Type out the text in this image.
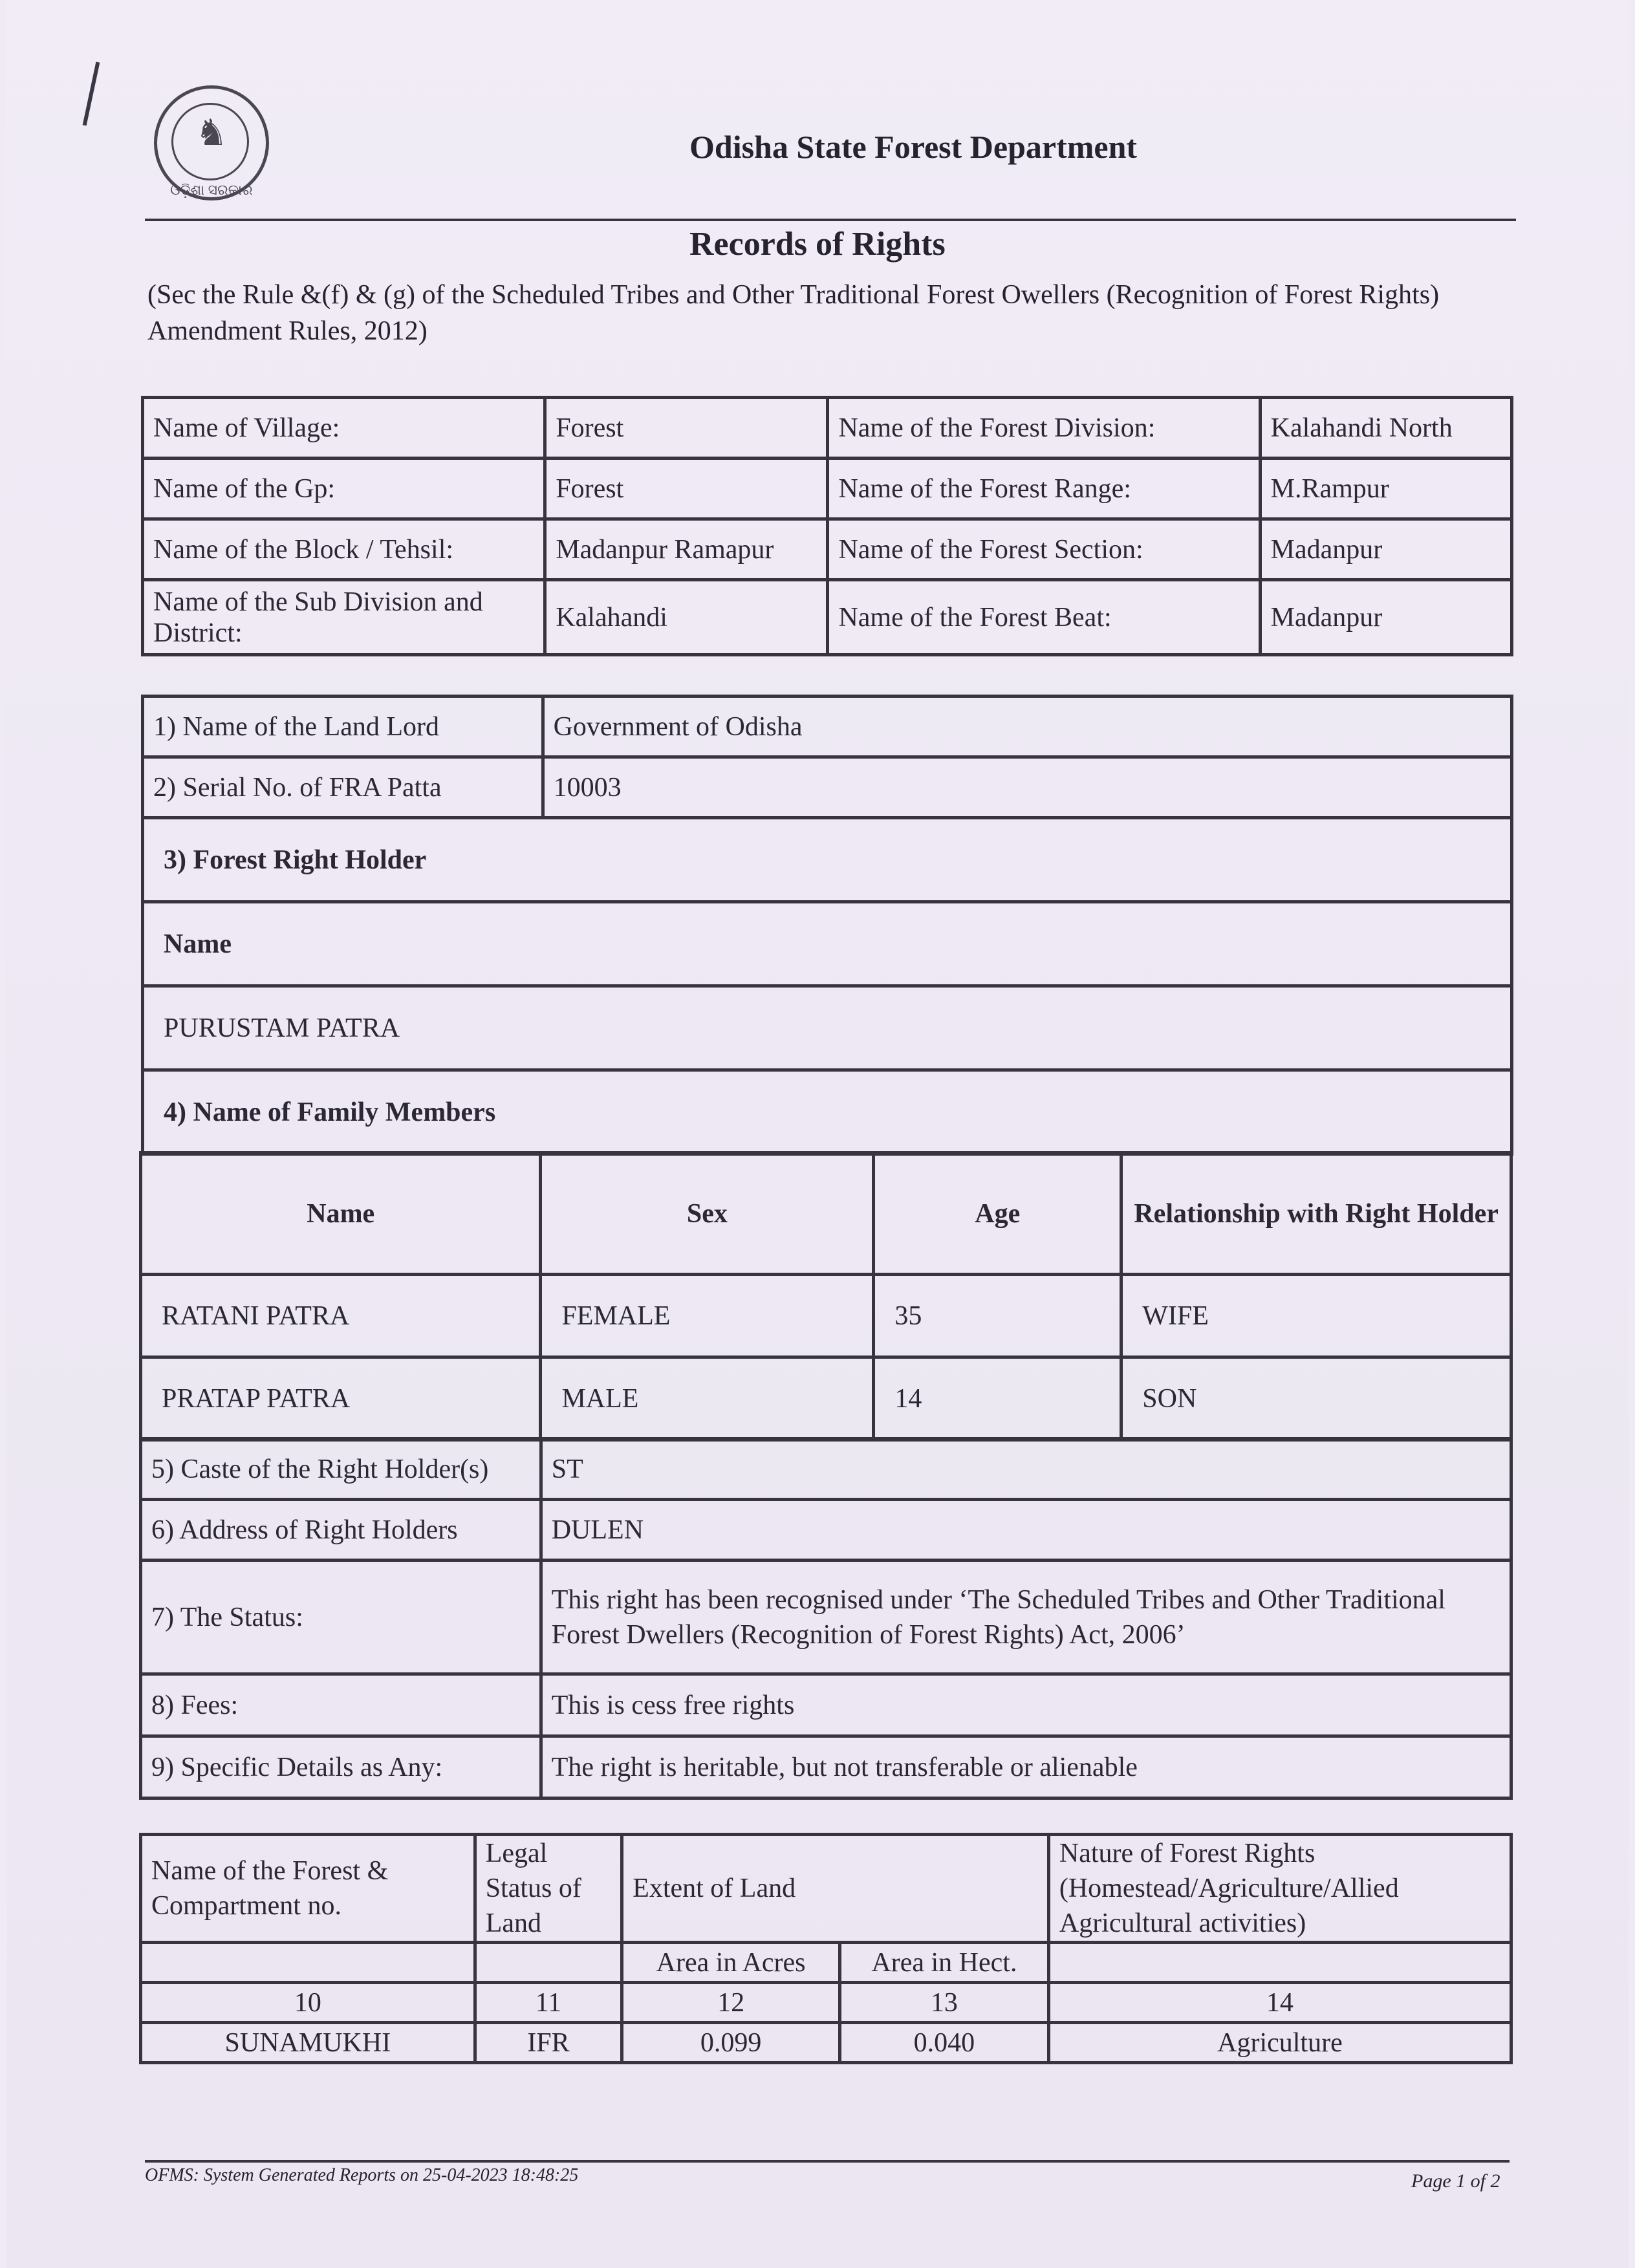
♞
ଓଡ଼ିଶା ସରକାର
Odisha State Forest Department
Records of Rights
(Sec the Rule &(f) & (g) of the Scheduled Tribes and Other Traditional Forest Owellers (Recognition of Forest Rights) Amendment Rules, 2012)
Name of Village:	Forest	Name of the Forest Division:	Kalahandi North
Name of the Gp:	Forest	Name of the Forest Range:	M.Rampur
Name of the Block / Tehsil:	Madanpur Ramapur	Name of the Forest Section:	Madanpur
Name of the Sub Division and District:	Kalahandi	Name of the Forest Beat:	Madanpur
1) Name of the Land Lord	Government of Odisha
2) Serial No. of FRA Patta	10003
3) Forest Right Holder	
Name	
PURUSTAM PATRA	
4) Name of Family Members	
Name	Sex	Age	Relationship with Right Holder
RATANI PATRA	FEMALE	35	WIFE
PRATAP PATRA	MALE	14	SON
5) Caste of the Right Holder(s)	ST
6) Address of Right Holders	DULEN
7) The Status:	This right has been recognised under ‘The Scheduled Tribes and Other Traditional
Forest Dwellers (Recognition of Forest Rights) Act, 2006’

8) Fees:	This is cess free rights
9) Specific Details as Any:	The right is heritable, but not transferable or alienable
Name of the Forest & Compartment no.	Legal Status of Land	Extent of Land		Nature of Forest Rights (Homestead/Agriculture/Allied Agricultural activities)
		Area in Acres	Area in Hect.	
10	11	12	13	14
SUNAMUKHI	IFR	0.099	0.040	Agriculture
OFMS: System Generated Reports on 25-04-2023 18:48:25	Page 1 of 2
